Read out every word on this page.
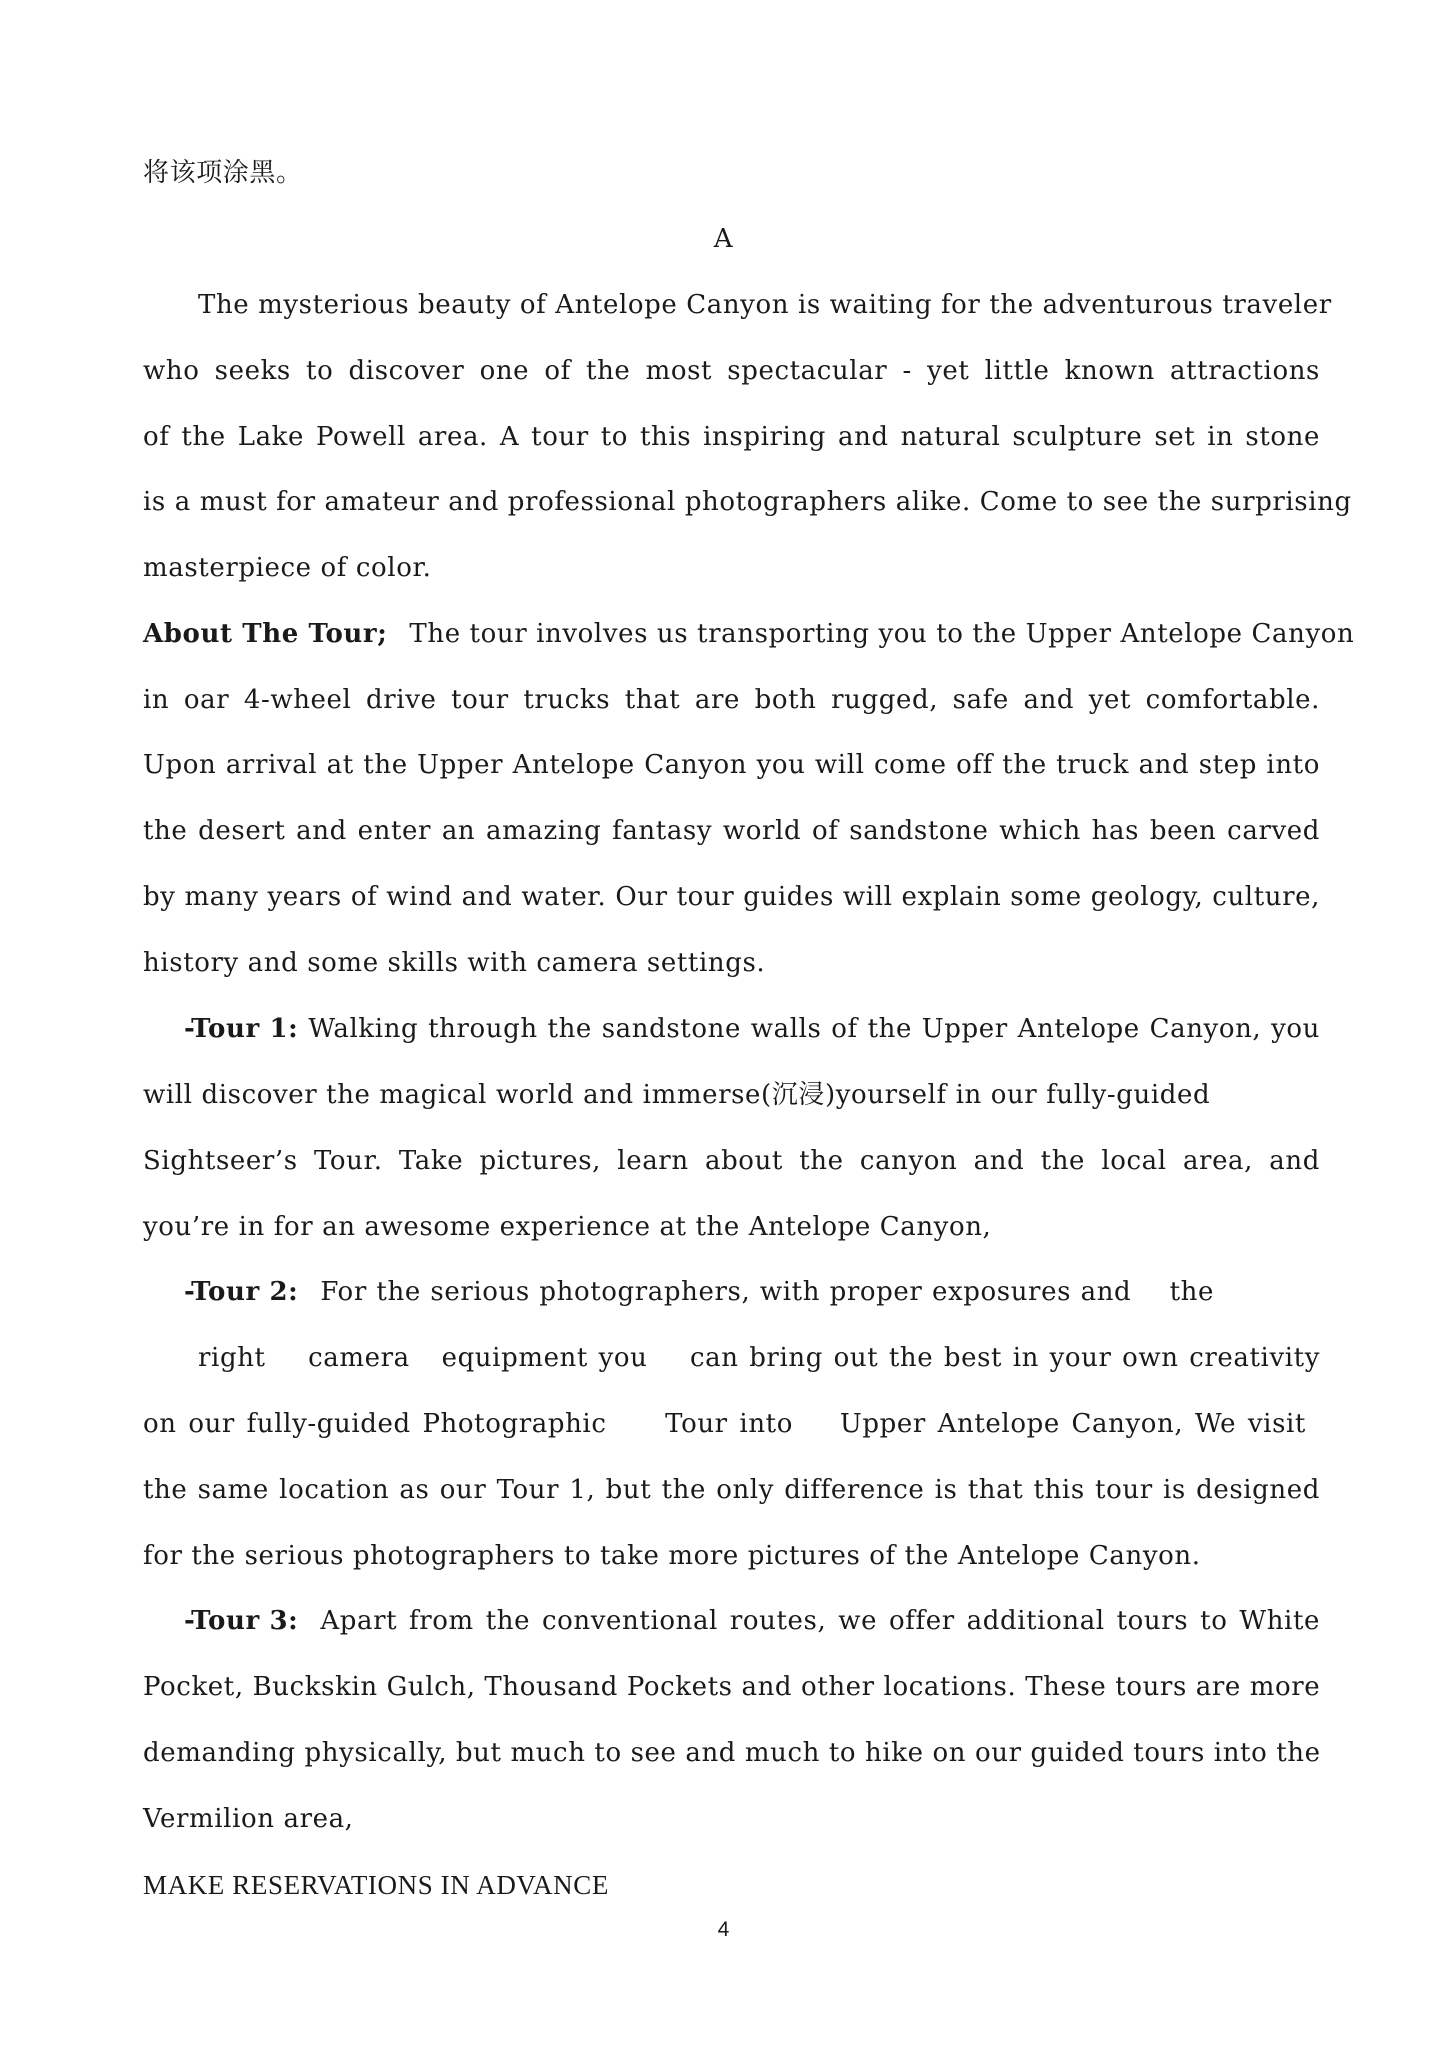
将该项涂黑。
A
The mysterious beauty of Antelope Canyon is waiting for the adventurous traveler
who seeks to discover one of the most spectacular - yet little known attractions
of the Lake Powell area. A tour to this inspiring and natural sculpture set in stone
is a must for amateur and professional photographers alike. Come to see the surprising
masterpiece of color.
About The Tour; The tour involves us transporting you to the Upper Antelope Canyon
in oar 4-wheel drive tour trucks that are both rugged, safe and yet comfortable.
Upon arrival at the Upper Antelope Canyon you will come off the truck and step into
the desert and enter an amazing fantasy world of sandstone which has been carved
by many years of wind and water. Our tour guides will explain some geology, culture,
history and some skills with camera settings.
-Tour 1: Walking through the sandstone walls of the Upper Antelope Canyon, you
will discover the magical world and immerse(沉浸)yourself in our fully-guided
Sightseer’s Tour. Take pictures, learn about the canyon and the local area, and
you’re in for an awesome experience at the Antelope Canyon,
-Tour 2: For the serious photographers, with proper exposures and    the
right    camera   equipment you    can bring out the best in your own creativity
on our fully-guided Photographic     Tour into    Upper Antelope Canyon, We visit
the same location as our Tour 1, but the only difference is that this tour is designed
for the serious photographers to take more pictures of the Antelope Canyon.
-Tour 3: Apart from the conventional routes, we offer additional tours to White
Pocket, Buckskin Gulch, Thousand Pockets and other locations. These tours are more
demanding physically, but much to see and much to hike on our guided tours into the
Vermilion area,
MAKE RESERVATIONS IN ADVANCE
4
